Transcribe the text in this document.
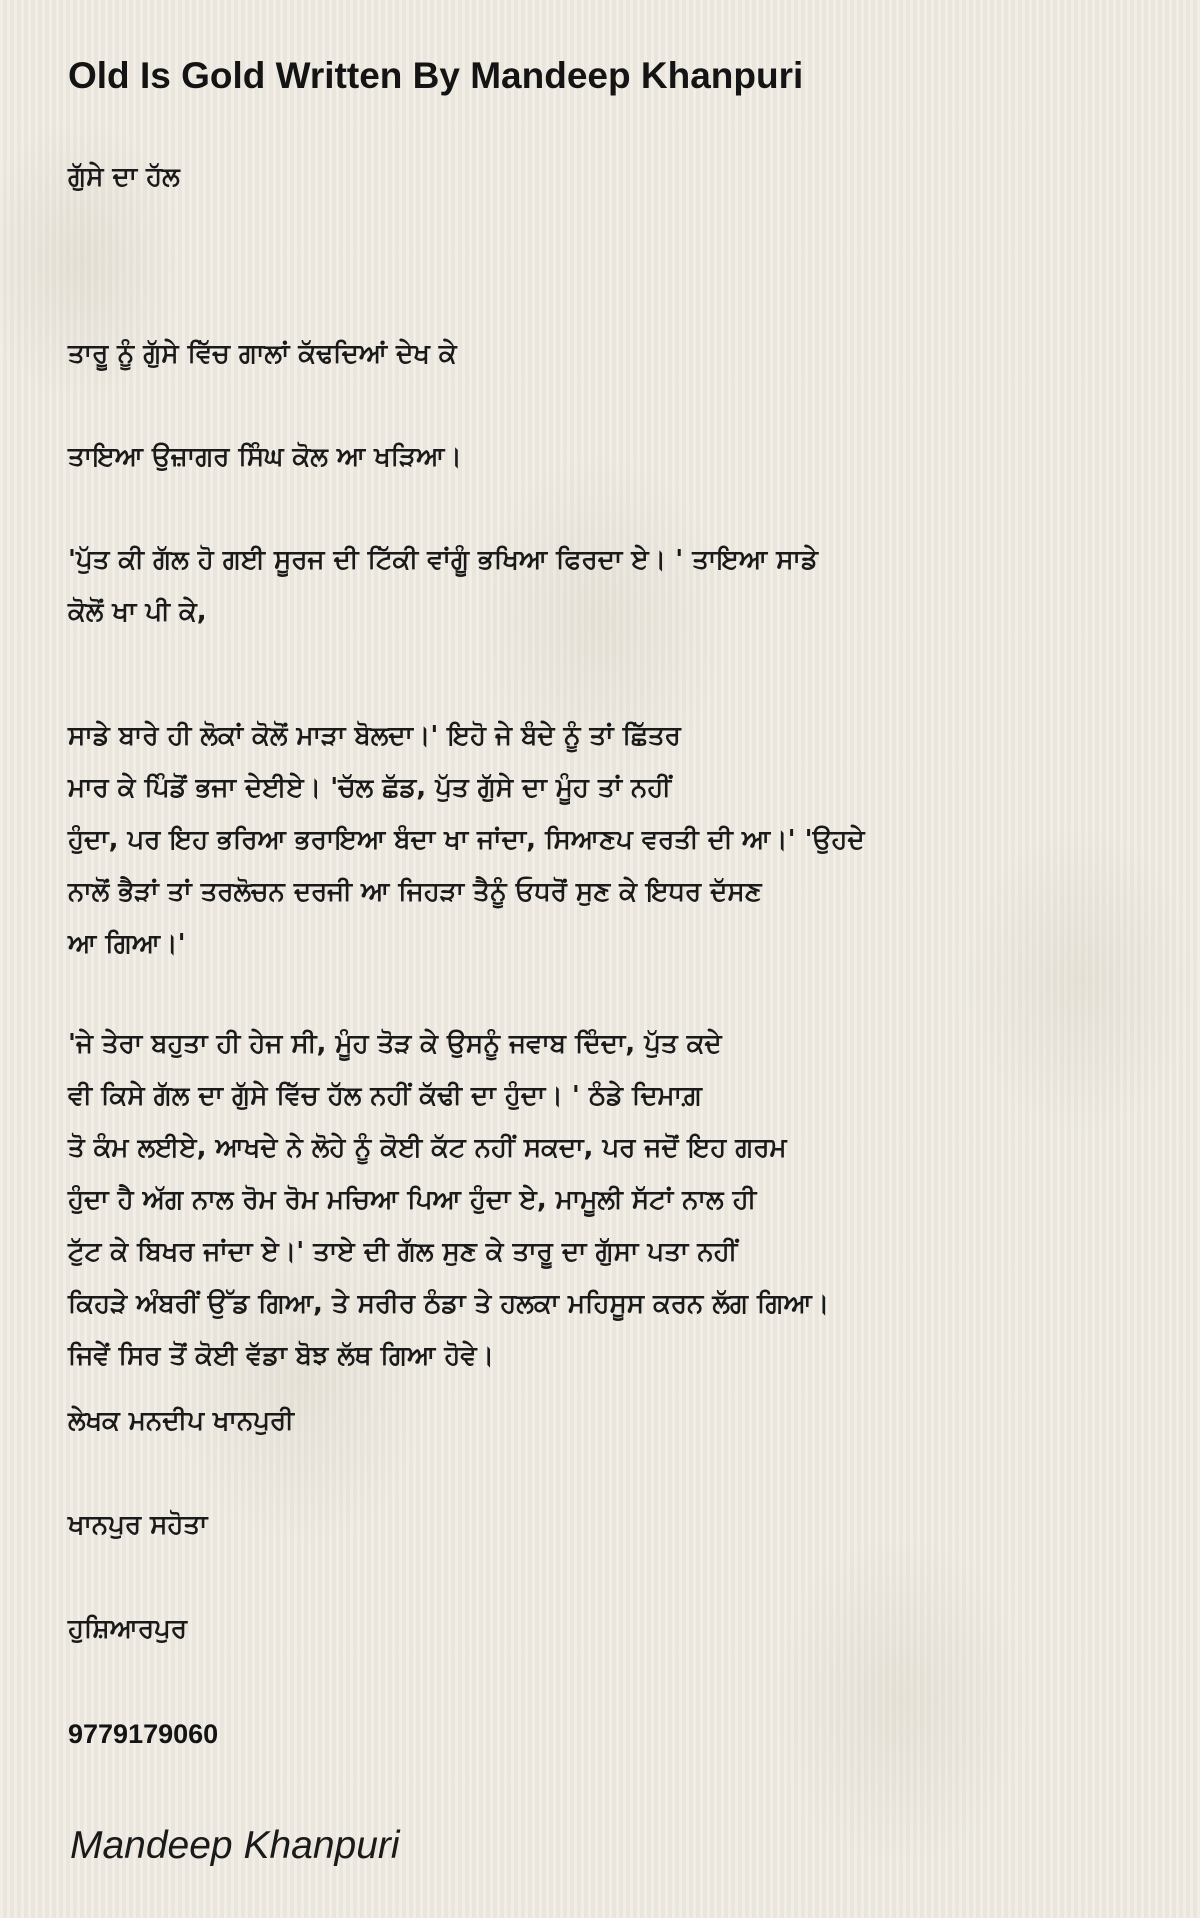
Old Is Gold Written By Mandeep Khanpuri
ਗੁੱਸੇ ਦਾ ਹੱਲ

ਤਾਰੂ ਨੂੰ ਗੁੱਸੇ ਵਿੱਚ ਗਾਲਾਂ ਕੱਢਦਿਆਂ ਦੇਖ ਕੇ

ਤਾਇਆ ਉਜ਼ਾਗਰ ਸਿੰਘ ਕੋਲ ਆ ਖੜਿਆ।

'ਪੁੱਤ ਕੀ ਗੱਲ ਹੋ ਗਈ ਸੂਰਜ ਦੀ ਟਿੱਕੀ ਵਾਂਗੂੰ ਭਖਿਆ ਫਿਰਦਾ ਏ। ' ਤਾਇਆ ਸਾਡੇ
ਕੋਲੋਂ ਖਾ ਪੀ ਕੇ,

ਸਾਡੇ ਬਾਰੇ ਹੀ ਲੋਕਾਂ ਕੋਲੋਂ ਮਾੜਾ ਬੋਲਦਾ।' ਇਹੋ ਜੇ ਬੰਦੇ ਨੂੰ ਤਾਂ ਛਿੱਤਰ
ਮਾਰ ਕੇ ਪਿੰਡੋਂ ਭਜਾ ਦੇਈਏ। 'ਚੱਲ ਛੱਡ, ਪੁੱਤ ਗੁੱਸੇ ਦਾ ਮੂੰਹ ਤਾਂ ਨਹੀਂ
ਹੁੰਦਾ, ਪਰ ਇਹ ਭਰਿਆ ਭਰਾਇਆ ਬੰਦਾ ਖਾ ਜਾਂਦਾ, ਸਿਆਣਪ ਵਰਤੀ ਦੀ ਆ।' 'ਉਹਦੇ
ਨਾਲੋਂ ਭੈੜਾਂ ਤਾਂ ਤਰਲੋਚਨ ਦਰਜੀ ਆ ਜਿਹੜਾ ਤੈਨੂੰ ਓਧਰੋਂ ਸੁਣ ਕੇ ਇਧਰ ਦੱਸਣ
ਆ ਗਿਆ।'

'ਜੇ ਤੇਰਾ ਬਹੁਤਾ ਹੀ ਹੇਜ ਸੀ, ਮੂੰਹ ਤੋੜ ਕੇ ਉਸਨੂੰ ਜਵਾਬ ਦਿੰਦਾ, ਪੁੱਤ ਕਦੇ
ਵੀ ਕਿਸੇ ਗੱਲ ਦਾ ਗੁੱਸੇ ਵਿੱਚ ਹੱਲ ਨਹੀਂ ਕੱਢੀ ਦਾ ਹੁੰਦਾ। ' ਠੰਡੇ ਦਿਮਾਗ਼
ਤੋ ਕੰਮ ਲਈਏ, ਆਖਦੇ ਨੇ ਲੋਹੇ ਨੂੰ ਕੋਈ ਕੱਟ ਨਹੀਂ ਸਕਦਾ, ਪਰ ਜਦੋਂ ਇਹ ਗਰਮ
ਹੁੰਦਾ ਹੈ ਅੱਗ ਨਾਲ ਰੋਮ ਰੋਮ ਮਚਿਆ ਪਿਆ ਹੁੰਦਾ ਏ, ਮਾਮੂਲੀ ਸੱਟਾਂ ਨਾਲ ਹੀ
ਟੁੱਟ ਕੇ ਬਿਖਰ ਜਾਂਦਾ ਏ।' ਤਾਏ ਦੀ ਗੱਲ ਸੁਣ ਕੇ ਤਾਰੂ ਦਾ ਗੁੱਸਾ ਪਤਾ ਨਹੀਂ
ਕਿਹੜੇ ਅੰਬਰੀਂ ਉੱਡ ਗਿਆ, ਤੇ ਸਰੀਰ ਠੰਡਾ ਤੇ ਹਲਕਾ ਮਹਿਸੂਸ ਕਰਨ ਲੱਗ ਗਿਆ।
ਜਿਵੇਂ ਸਿਰ ਤੋਂ ਕੋਈ ਵੱਡਾ ਬੋਝ ਲੱਥ ਗਿਆ ਹੋਵੇ।

ਲੇਖਕ ਮਨਦੀਪ ਖਾਨਪੁਰੀ
ਖਾਨਪੁਰ ਸਹੋਤਾ
ਹੁਸ਼ਿਆਰਪੁਰ
9779179060
Mandeep Khanpuri
